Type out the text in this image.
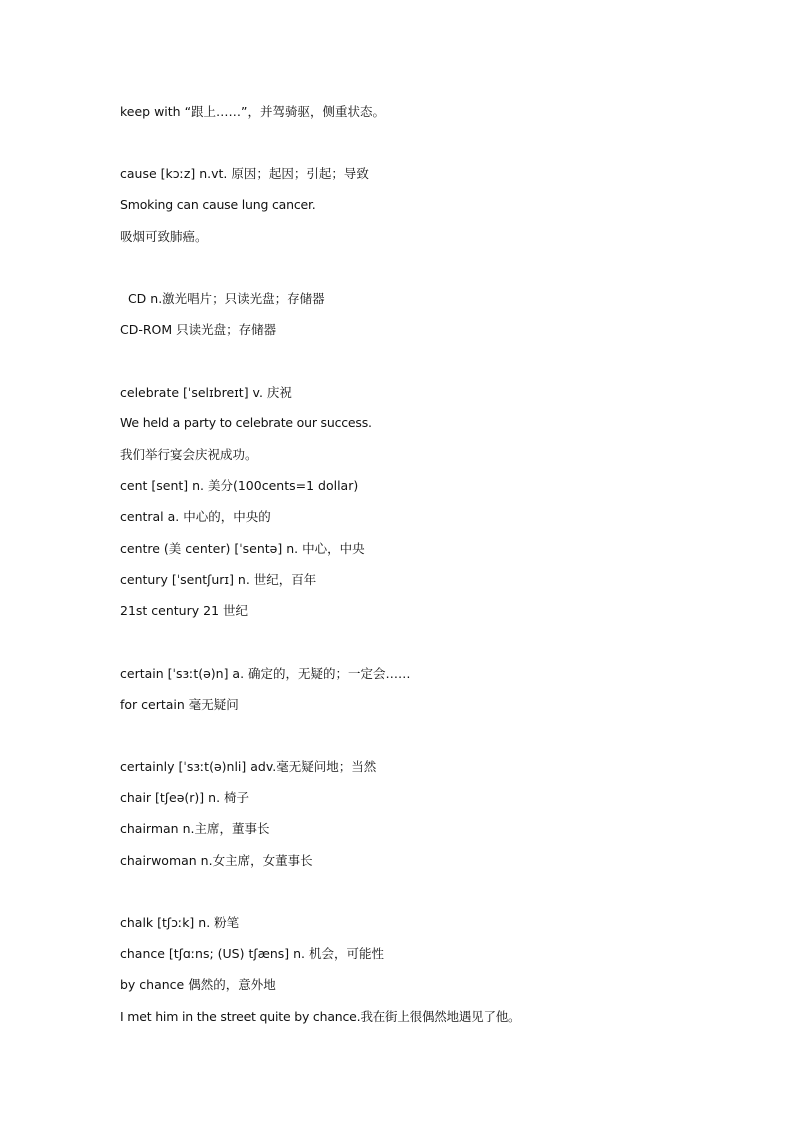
keep with “跟上……”，并驾骑驱，侧重状态。
cause [kɔːz] n.vt. 原因；起因；引起；导致
Smoking can cause lung cancer.
吸烟可致肺癌。
CD n.激光唱片；只读光盘；存储器
CD-ROM 只读光盘；存储器
celebrate [ˈselɪbreɪt] v. 庆祝
We held a party to celebrate our success.
我们举行宴会庆祝成功。
cent [sent] n. 美分(100cents=1 dollar)
central a. 中心的，中央的
centre (美 center) [ˈsentə] n. 中心，中央
century [ˈsentʃurɪ] n. 世纪，百年
21st century 21 世纪
certain [ˈsɜːt(ə)n] a. 确定的，无疑的；一定会……
for certain 毫无疑问
certainly [ˈsɜːt(ə)nli] adv.毫无疑问地；当然
chair [tʃeə(r)] n. 椅子
chairman n.主席，董事长
chairwoman n.女主席，女董事长
chalk [tʃɔːk] n. 粉笔
chance [tʃɑːns; (US) tʃæns] n. 机会，可能性
by chance 偶然的，意外地
I met him in the street quite by chance.我在街上很偶然地遇见了他。
